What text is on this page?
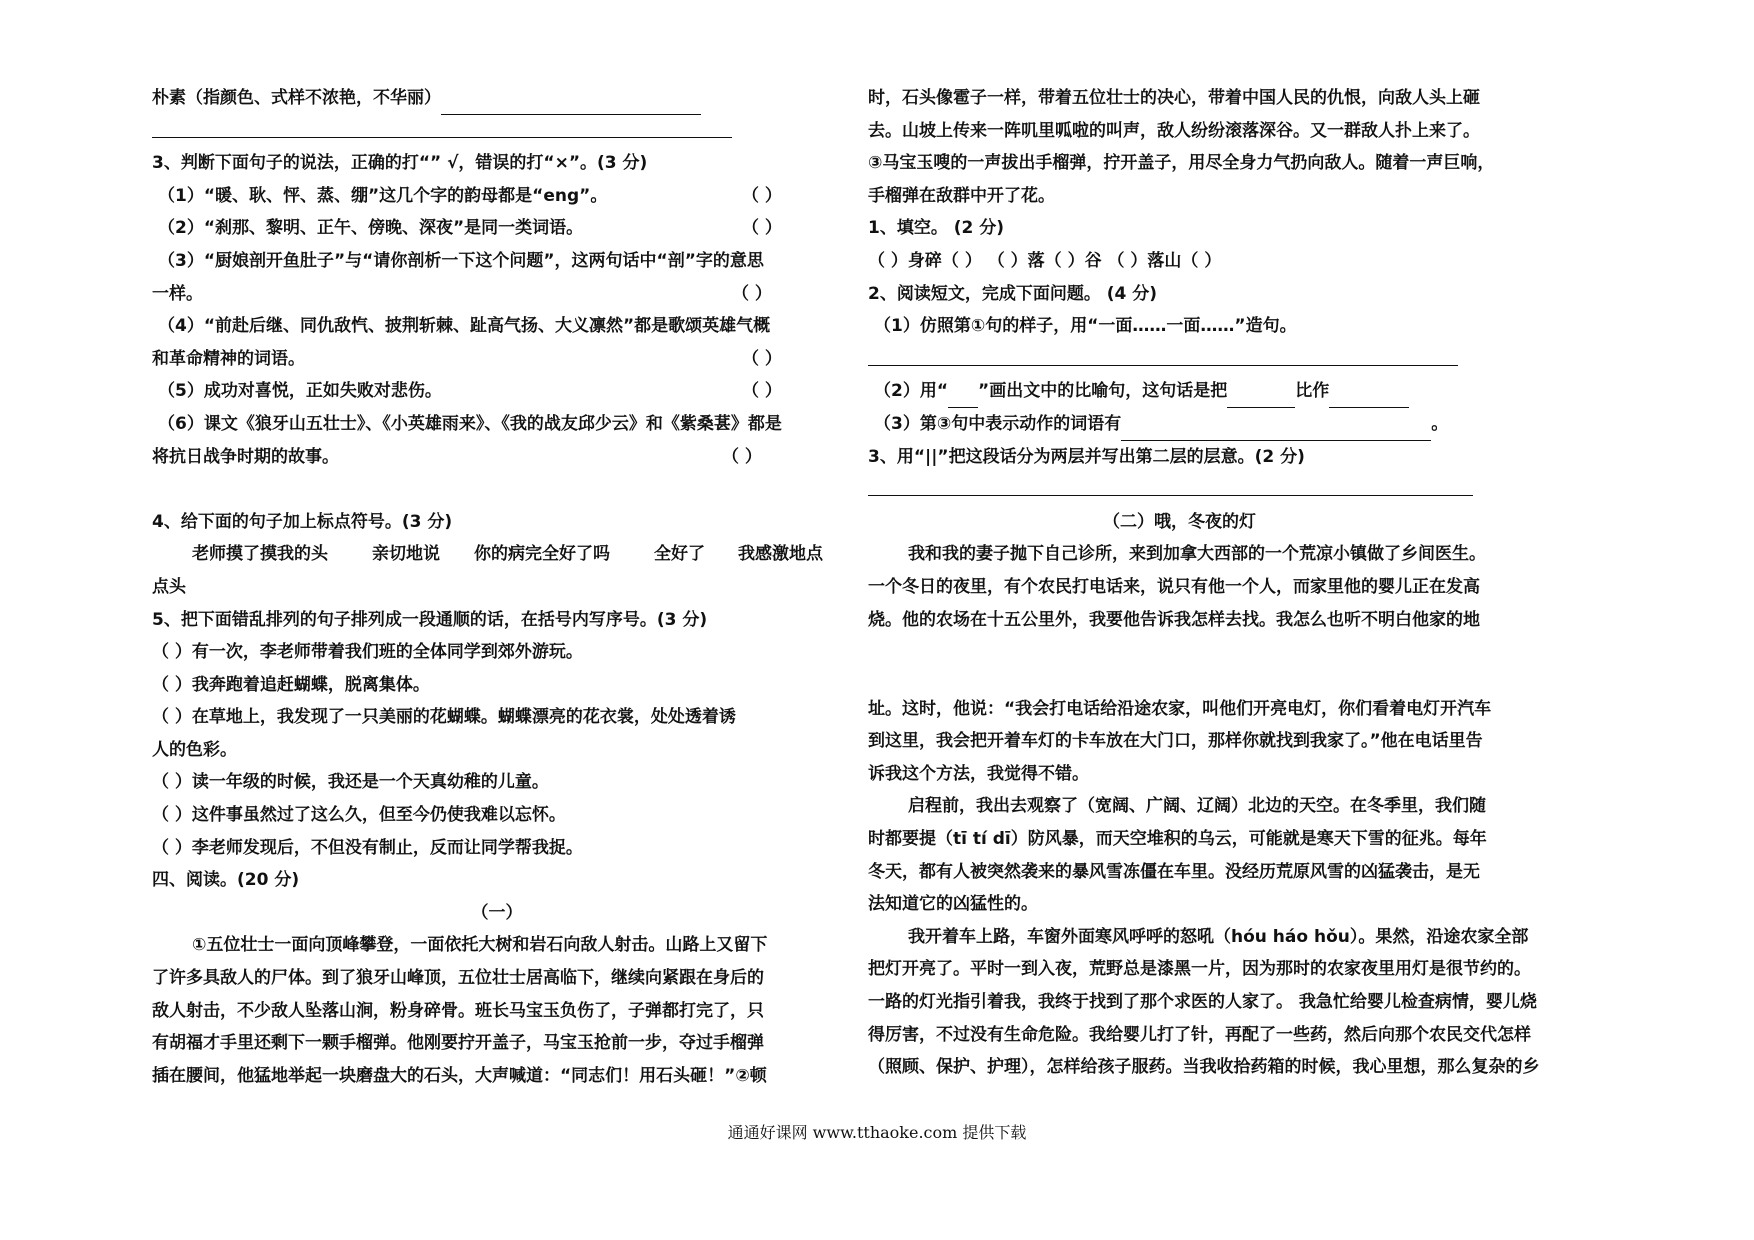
朴素（指颜色、式样不浓艳，不华丽）
3、判断下面句子的说法，正确的打“” √，错误的打“×”。(3 分)
（1）“暖、耿、怦、蒸、绷”这几个字的韵母都是“eng”。	（ ）
（2）“刹那、黎明、正午、傍晚、深夜”是同一类词语。	（ ）
（3）“厨娘剖开鱼肚子”与“请你剖析一下这个问题”，这两句话中“剖”字的意思
一样。	（ ）
（4）“前赴后继、同仇敌忾、披荆斩棘、趾高气扬、大义凛然”都是歌颂英雄气概
和革命精神的词语。	（ ）
（5）成功对喜悦，正如失败对悲伤。	（ ）
（6）课文《狼牙山五壮士》、《小英雄雨来》、《我的战友邱少云》和《紫桑葚》都是
将抗日战争时期的故事。	（ ）
4、给下面的句子加上标点符号。(3 分)
老师摸了摸我的头	亲切地说 你的病完全好了吗	全好了 我感激地点
点头
5、把下面错乱排列的句子排列成一段通顺的话，在括号内写序号。(3 分)
（ ）有一次，李老师带着我们班的全体同学到郊外游玩。
（ ）我奔跑着追赶蝴蝶，脱离集体。
（ ）在草地上，我发现了一只美丽的花蝴蝶。蝴蝶漂亮的花衣裳，处处透着诱
人的色彩。
（ ）读一年级的时候，我还是一个天真幼稚的儿童。
（ ）这件事虽然过了这么久，但至今仍使我难以忘怀。
（ ）李老师发现后，不但没有制止，反而让同学帮我捉。
四、阅读。(20 分)
（一）
①五位壮士一面向顶峰攀登，一面依托大树和岩石向敌人射击。山路上又留下
了许多具敌人的尸体。到了狼牙山峰顶，五位壮士居高临下，继续向紧跟在身后的
敌人射击，不少敌人坠落山涧，粉身碎骨。班长马宝玉负伤了，子弹都打完了，只
有胡福才手里还剩下一颗手榴弹。他刚要拧开盖子，马宝玉抢前一步，夺过手榴弹
插在腰间，他猛地举起一块磨盘大的石头，大声喊道：“同志们！用石头砸！”②顿
时，石头像雹子一样，带着五位壮士的决心，带着中国人民的仇恨，向敌人头上砸
去。山坡上传来一阵叽里呱啦的叫声，敌人纷纷滚落深谷。又一群敌人扑上来了。
③马宝玉嗖的一声拔出手榴弹，拧开盖子，用尽全身力气扔向敌人。随着一声巨响，
手榴弹在敌群中开了花。
1、填空。 (2 分)
（ ）身碎（ ） （ ）落（ ）谷 （ ）落山（ ）
2、阅读短文，完成下面问题。 (4 分)
（1）仿照第①句的样子，用“一面……一面……”造句。
（2）用“ ”画出文中的比喻句，这句话是把	比作
（3）第③句中表示动作的词语有	。
3、用“||”把这段话分为两层并写出第二层的层意。(2 分)
（二）哦，冬夜的灯
我和我的妻子抛下自己诊所，来到加拿大西部的一个荒凉小镇做了乡间医生。
一个冬日的夜里，有个农民打电话来，说只有他一个人，而家里他的婴儿正在发高
烧。他的农场在十五公里外，我要他告诉我怎样去找。我怎么也听不明白他家的地
址。这时，他说：“我会打电话给沿途农家，叫他们开亮电灯，你们看着电灯开汽车
到这里，我会把开着车灯的卡车放在大门口，那样你就找到我家了。”他在电话里告
诉我这个方法，我觉得不错。
启程前，我出去观察了（宽阔、广阔、辽阔）北边的天空。在冬季里，我们随
时都要提（tī tí dī）防风暴，而天空堆积的乌云，可能就是寒天下雪的征兆。每年
冬天，都有人被突然袭来的暴风雪冻僵在车里。没经历荒原风雪的凶猛袭击，是无
法知道它的凶猛性的。
我开着车上路，车窗外面寒风呼呼的怒吼（hóu háo hǒu）。果然，沿途农家全部
把灯开亮了。平时一到入夜，荒野总是漆黑一片，因为那时的农家夜里用灯是很节约的。
一路的灯光指引着我，我终于找到了那个求医的人家了。 我急忙给婴儿检查病情，婴儿烧
得厉害，不过没有生命危险。我给婴儿打了针，再配了一些药，然后向那个农民交代怎样
（照顾、保护、护理），怎样给孩子服药。当我收拾药箱的时候，我心里想，那么复杂的乡
通通好课网 www.tthaoke.com 提供下载
